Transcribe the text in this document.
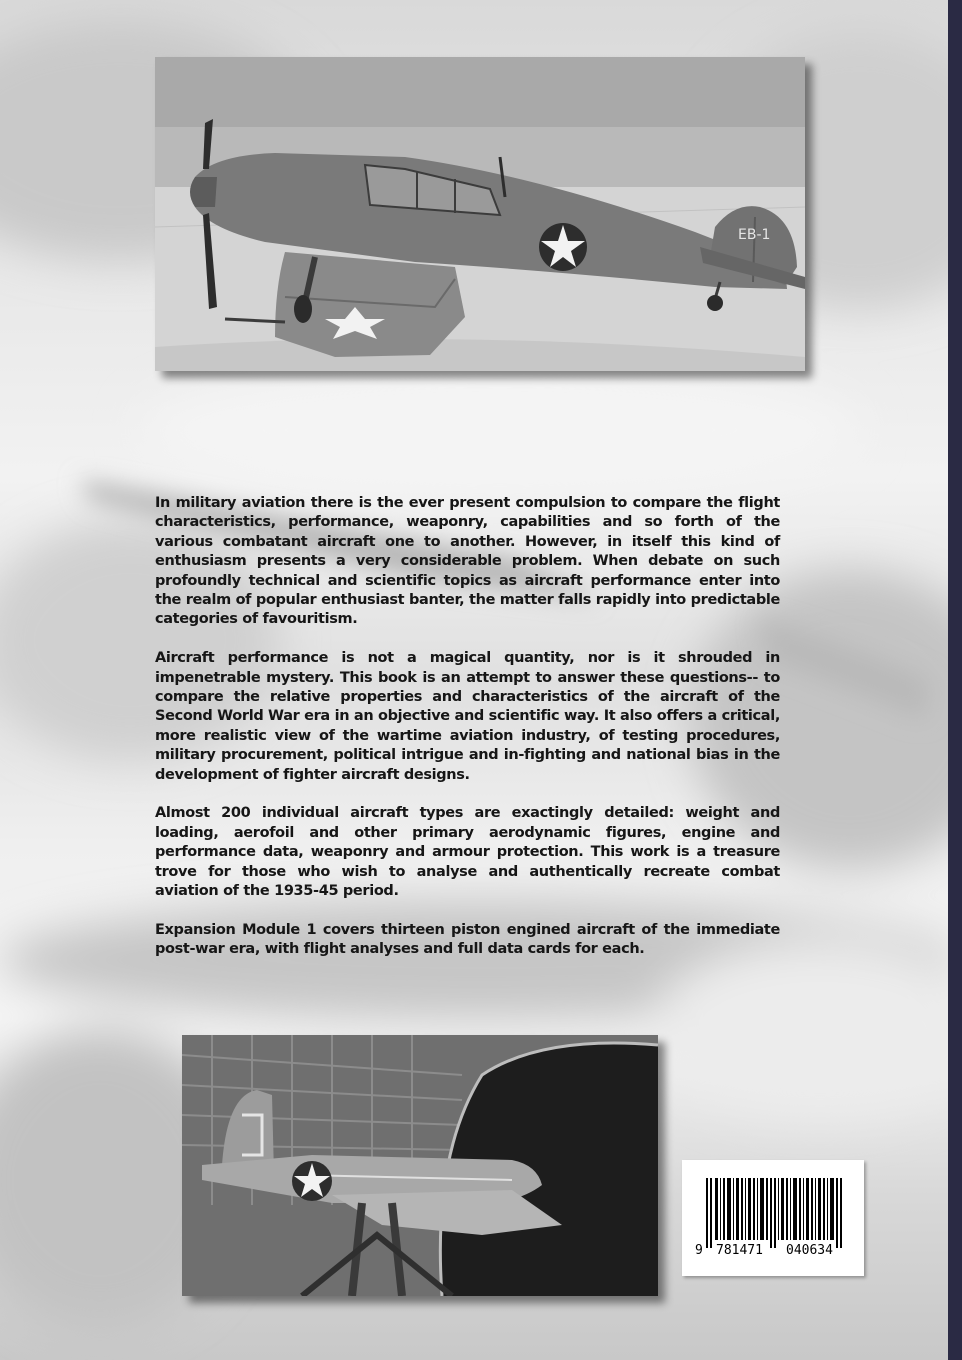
EB-1

In military aviation there is the ever present compulsion to compare the flight characteristics, performance, weaponry, capabilities and so forth of the various combatant aircraft one to another. However, in itself this kind of enthusiasm presents a very considerable problem. When debate on such profoundly technical and scientific topics as aircraft performance enter into the realm of popular enthusiast banter, the matter falls rapidly into predictable categories of favouritism.

Aircraft performance is not a magical quantity, nor is it shrouded in impenetrable mystery. This book is an attempt to answer these questions-- to compare the relative properties and characteristics of the aircraft of the Second World War era in an objective and scientific way. It also offers a critical, more realistic view of the wartime aviation industry, of testing procedures, military procurement, political intrigue and in-fighting and national bias in the development of fighter aircraft designs.

Almost 200 individual aircraft types are exactingly detailed: weight and loading, aerofoil and other primary aerodynamic figures, engine and performance data, weaponry and armour protection. This work is a treasure trove for those who wish to analyse and authentically recreate combat aviation of the 1935-45 period.

Expansion Module 1 covers thirteen piston engined aircraft of the immediate post-war era, with flight analyses and full data cards for each.

9 781471 040634
